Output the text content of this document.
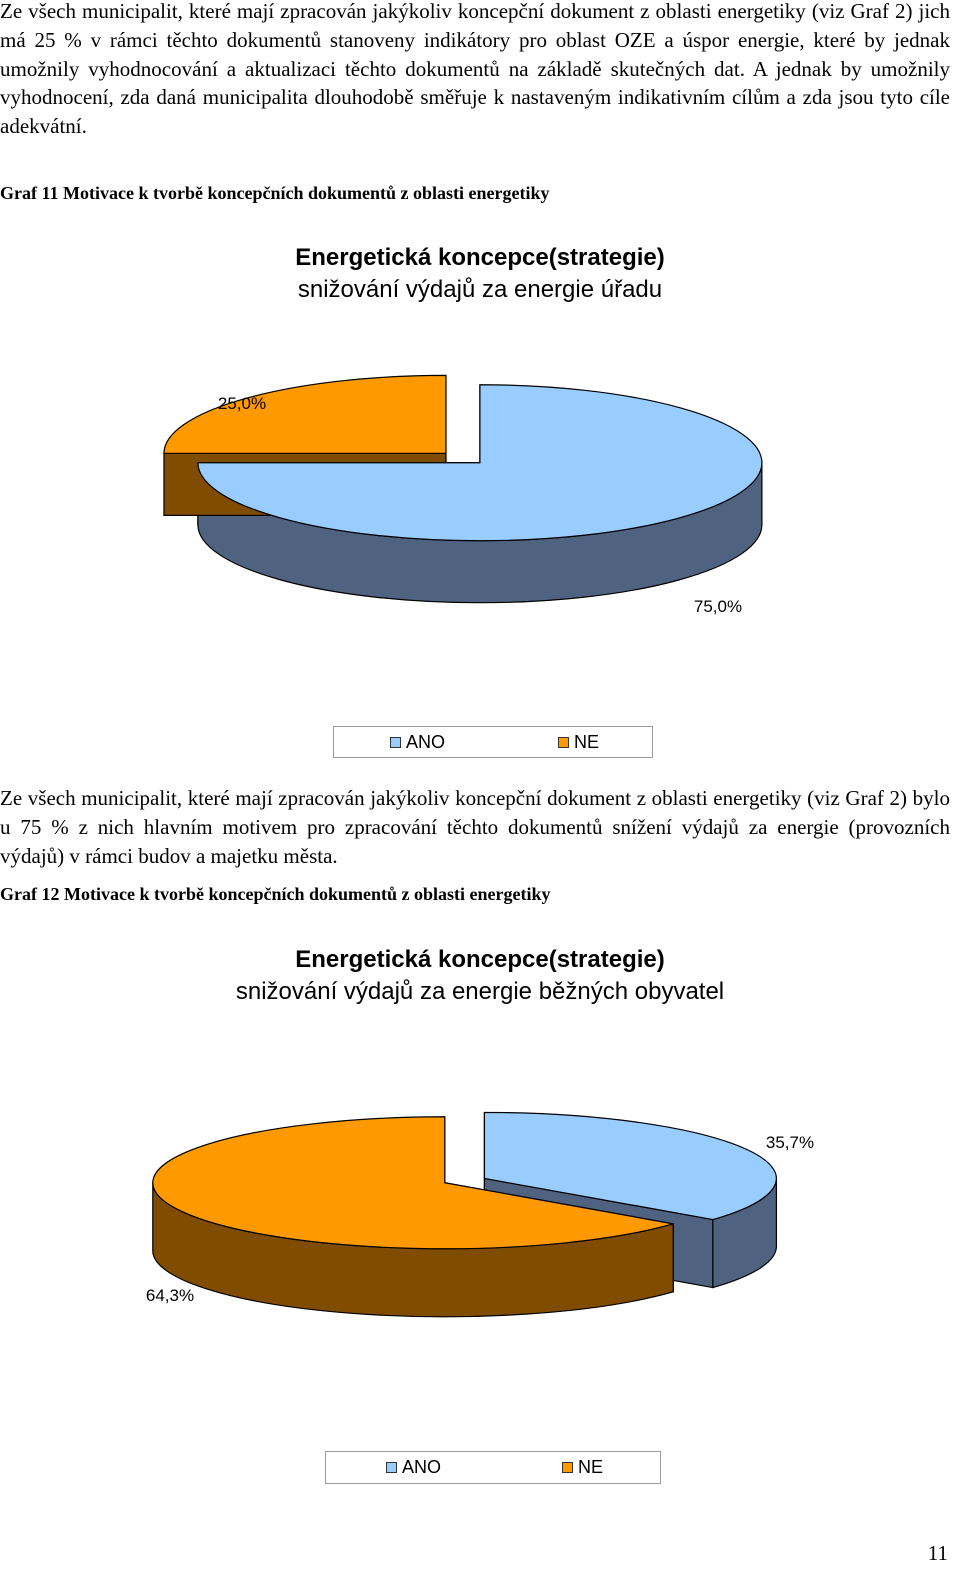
Ze všech municipalit, které mají zpracován jakýkoliv koncepční dokument z oblasti energetiky (viz Graf 2) jich má 25 % v rámci těchto dokumentů stanoveny indikátory pro oblast OZE a úspor energie, které by jednak umožnily vyhodnocování a aktualizaci těchto dokumentů na základě skutečných dat. A jednak by umožnily vyhodnocení, zda daná municipalita dlouhodobě směřuje k nastaveným indikativním cílům a zda jsou tyto cíle adekvátní.

Graf 11 Motivace k tvorbě koncepčních dokumentů z oblasti energetiky

Energetická koncepce(strategie)
snižování výdajů za energie úřadu
75,0%
25,0%
ANO	NE

Ze všech municipalit, které mají zpracován jakýkoliv koncepční dokument z oblasti energetiky (viz Graf 2) bylo u 75 % z nich hlavním motivem pro zpracování těchto dokumentů snížení výdajů za energie (provozních výdajů) v rámci budov a majetku města.

Graf 12 Motivace k tvorbě koncepčních dokumentů z oblasti energetiky

Energetická koncepce(strategie)
snižování výdajů za energie běžných obyvatel
35,7%
64,3%
ANO	NE
11
